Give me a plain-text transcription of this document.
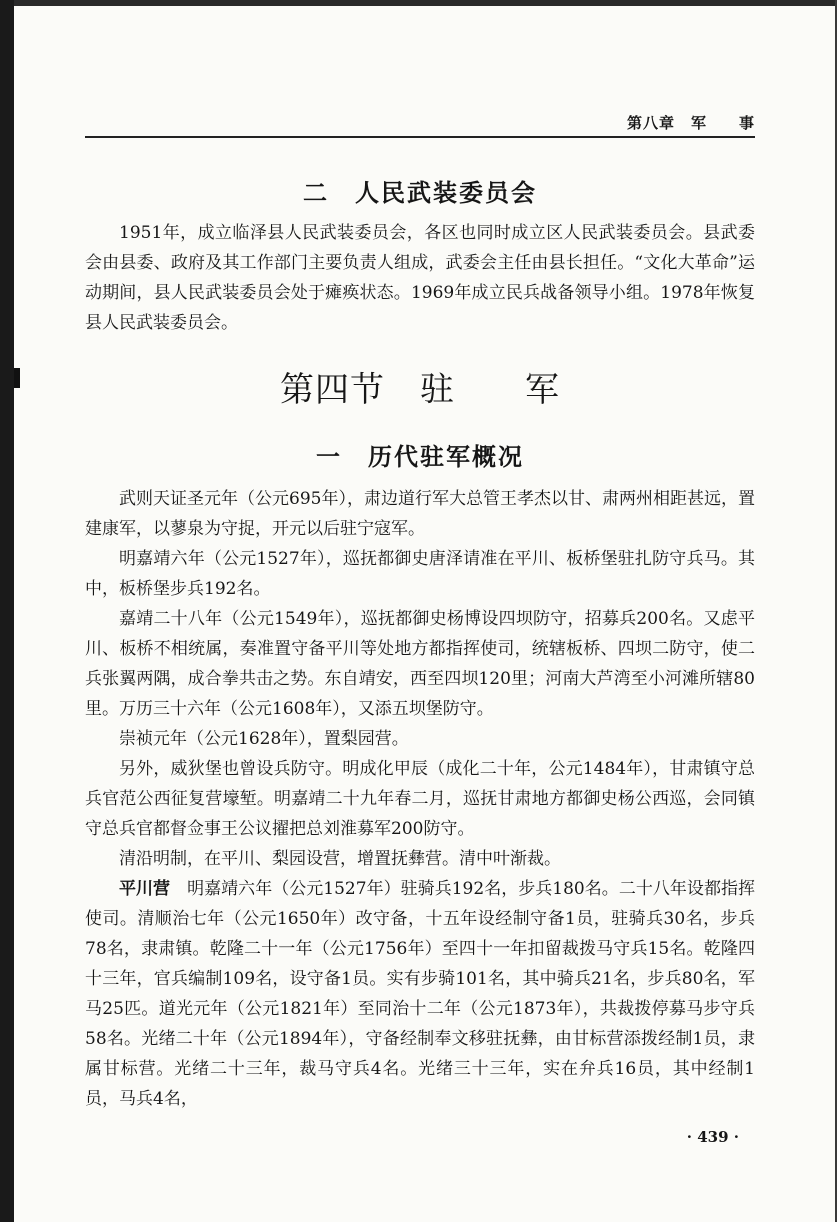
第八章　军　　事
二　人民武装委员会

1951年，成立临泽县人民武装委员会，各区也同时成立区人民武装委员会。县武委会由县委、政府及其工作部门主要负责人组成，武委会主任由县长担任。“文化大革命”运动期间，县人民武装委员会处于瘫痪状态。1969年成立民兵战备领导小组。1978年恢复县人民武装委员会。

第四节　驻　　军
一　历代驻军概况

武则天证圣元年（公元695年），肃边道行军大总管王孝杰以甘、肃两州相距甚远，置建康军，以蓼泉为守捉，开元以后驻宁寇军。

明嘉靖六年（公元1527年），巡抚都御史唐泽请准在平川、板桥堡驻扎防守兵马。其中，板桥堡步兵192名。

嘉靖二十八年（公元1549年），巡抚都御史杨博设四坝防守，招募兵200名。又虑平川、板桥不相统属，奏准置守备平川等处地方都指挥使司，统辖板桥、四坝二防守，使二兵张翼两隅，成合拳共击之势。东自靖安，西至四坝120里；河南大芦湾至小河滩所辖80里。万历三十六年（公元1608年），又添五坝堡防守。

崇祯元年（公元1628年），置梨园营。

另外，威狄堡也曾设兵防守。明成化甲辰（成化二十年，公元1484年），甘肃镇守总兵官范公西征复营壕堑。明嘉靖二十九年春二月，巡抚甘肃地方都御史杨公西巡，会同镇守总兵官都督佥事王公议擢把总刘淮募军200防守。

清沿明制，在平川、梨园设营，增置抚彝营。清中叶渐裁。

平川营　明嘉靖六年（公元1527年）驻骑兵192名，步兵180名。二十八年设都指挥使司。清顺治七年（公元1650年）改守备，十五年设经制守备1员，驻骑兵30名，步兵78名，隶肃镇。乾隆二十一年（公元1756年）至四十一年扣留裁拨马守兵15名。乾隆四十三年，官兵编制109名，设守备1员。实有步骑101名，其中骑兵21名，步兵80名，军马25匹。道光元年（公元1821年）至同治十二年（公元1873年），共裁拨停募马步守兵58名。光绪二十年（公元1894年），守备经制奉文移驻抚彝，由甘标营添拨经制1员，隶属甘标营。光绪二十三年，裁马守兵4名。光绪三十三年，实在弁兵16员，其中经制1员，马兵4名，

· 439 ·
